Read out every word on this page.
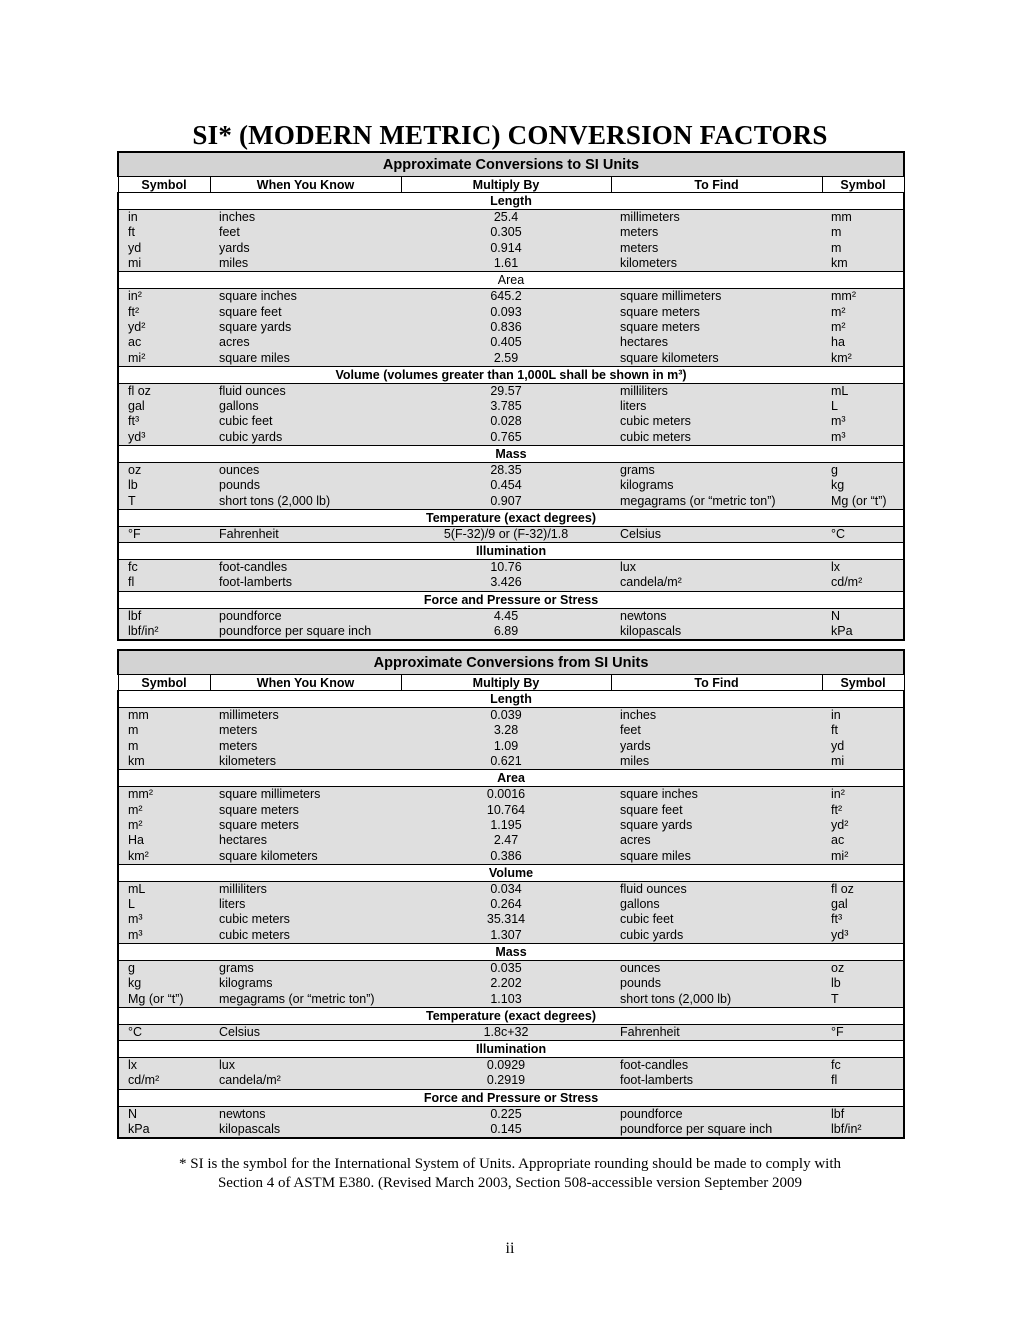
SI* (MODERN METRIC) CONVERSION FACTORS
Approximate Conversions to SI Units				
Symbol	When You Know	Multiply By	To Find	Symbol
Length				
in	inches	25.4	millimeters	mm
ft	feet	0.305	meters	m
yd	yards	0.914	meters	m
mi	miles	1.61	kilometers	km
Area				
in²	square inches	645.2	square millimeters	mm²
ft²	square feet	0.093	square meters	m²
yd²	square yards	0.836	square meters	m²
ac	acres	0.405	hectares	ha
mi²	square miles	2.59	square kilometers	km²
Volume (volumes greater than 1,000L shall be shown in m³)				
fl oz	fluid ounces	29.57	milliliters	mL
gal	gallons	3.785	liters	L
ft³	cubic feet	0.028	cubic meters	m³
yd³	cubic yards	0.765	cubic meters	m³
Mass				
oz	ounces	28.35	grams	g
lb	pounds	0.454	kilograms	kg
T	short tons (2,000 lb)	0.907	megagrams (or “metric ton”)	Mg (or “t”)
Temperature (exact degrees)				
°F	Fahrenheit	5(F-32)/9 or (F-32)/1.8	Celsius	°C
Illumination				
fc	foot-candles	10.76	lux	lx
fl	foot-lamberts	3.426	candela/m²	cd/m²
Force and Pressure or Stress				
lbf	poundforce	4.45	newtons	N
lbf/in²	poundforce per square inch	6.89	kilopascals	kPa
Approximate Conversions from SI Units				
Symbol	When You Know	Multiply By	To Find	Symbol
Length				
mm	millimeters	0.039	inches	in
m	meters	3.28	feet	ft
m	meters	1.09	yards	yd
km	kilometers	0.621	miles	mi
Area				
mm²	square millimeters	0.0016	square inches	in²
m²	square meters	10.764	square feet	ft²
m²	square meters	1.195	square yards	yd²
Ha	hectares	2.47	acres	ac
km²	square kilometers	0.386	square miles	mi²
Volume				
mL	milliliters	0.034	fluid ounces	fl oz
L	liters	0.264	gallons	gal
m³	cubic meters	35.314	cubic feet	ft³
m³	cubic meters	1.307	cubic yards	yd³
Mass				
g	grams	0.035	ounces	oz
kg	kilograms	2.202	pounds	lb
Mg (or “t”)	megagrams (or “metric ton”)	1.103	short tons (2,000 lb)	T
Temperature (exact degrees)				
°C	Celsius	1.8c+32	Fahrenheit	°F
Illumination				
lx	lux	0.0929	foot-candles	fc
cd/m²	candela/m²	0.2919	foot-lamberts	fl
Force and Pressure or Stress				
N	newtons	0.225	poundforce	lbf
kPa	kilopascals	0.145	poundforce per square inch	lbf/in²
* SI is the symbol for the International System of Units. Appropriate rounding should be made to comply with
Section 4 of ASTM E380. (Revised March 2003, Section 508-accessible version September 2009
ii
